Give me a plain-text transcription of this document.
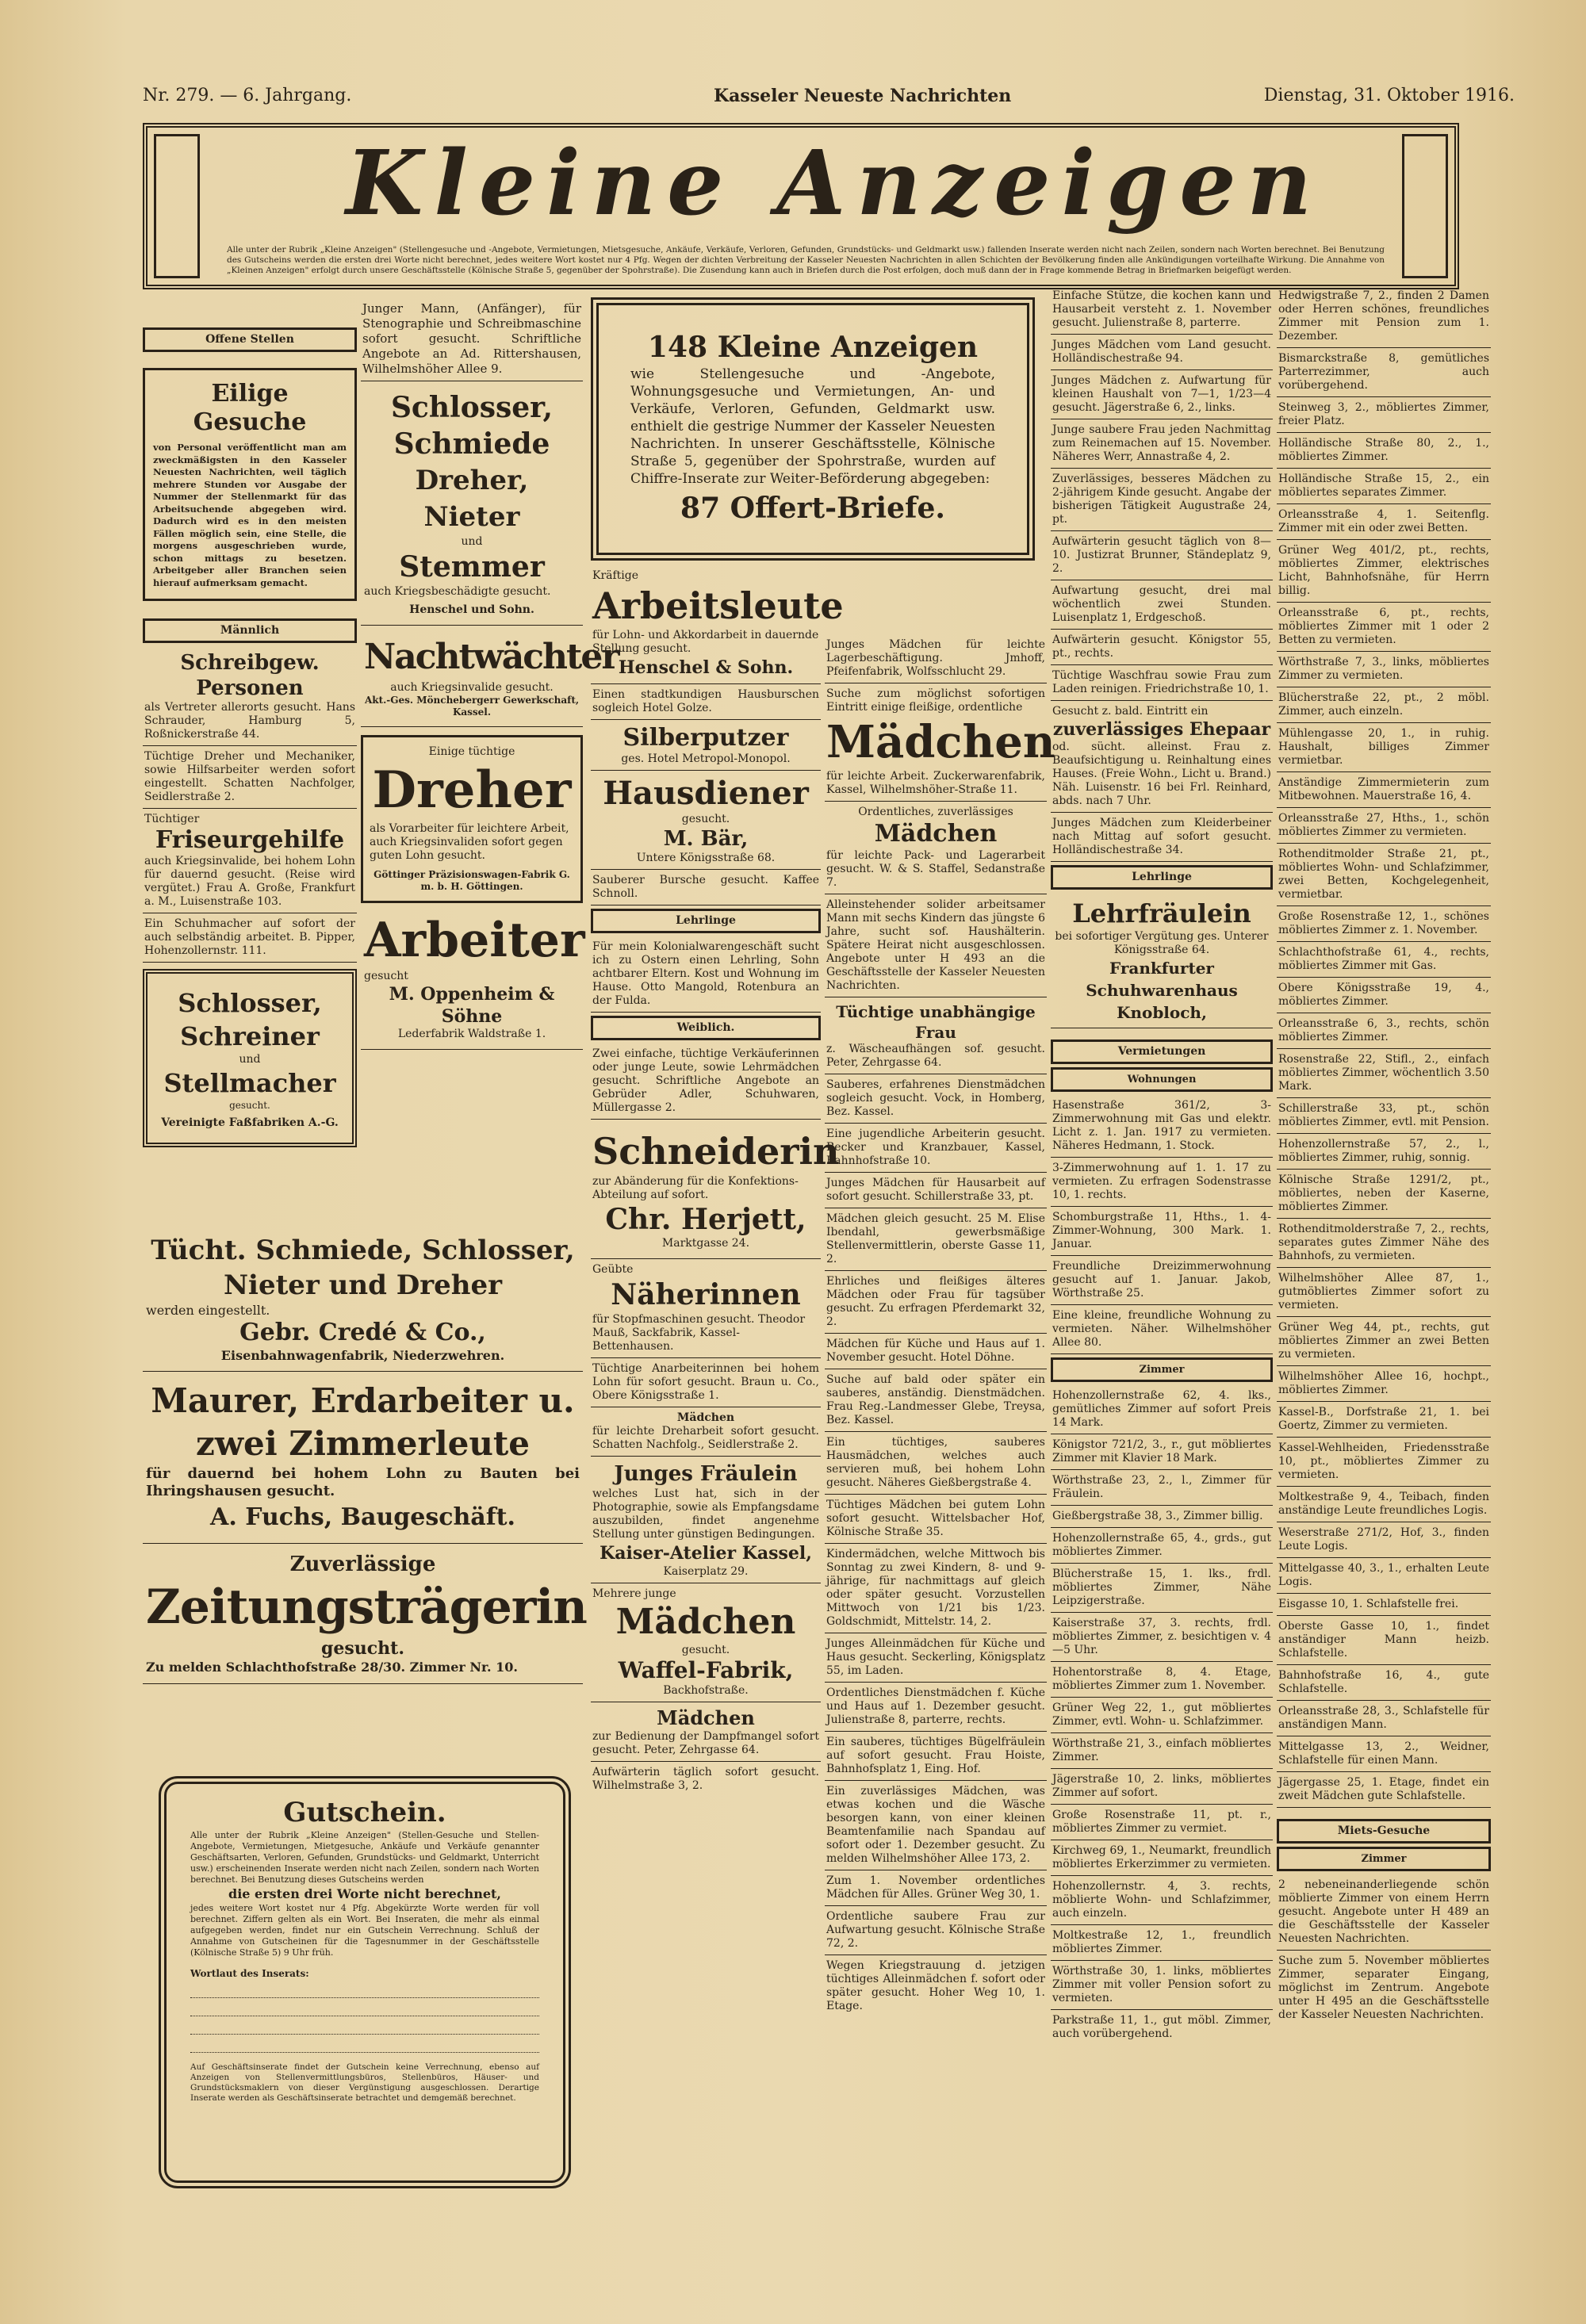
Nr. 279. — 6. Jahrgang.	Kasseler Neueste Nachrichten	Dienstag, 31. Oktober 1916.
Kleine Anzeigen
Alle unter der Rubrik „Kleine Anzeigen" (Stellengesuche und -Angebote, Vermietungen, Mietsgesuche, Ankäufe, Verkäufe, Verloren, Gefunden, Grundstücks- und Geldmarkt usw.) fallenden Inserate werden nicht nach Zeilen, sondern nach Worten berechnet. Bei Benutzung des Gutscheins werden die ersten drei Worte nicht berechnet, jedes weitere Wort kostet nur 4 Pfg. Wegen der dichten Verbreitung der Kasseler Neuesten Nachrichten in allen Schichten der Bevölkerung finden alle Ankündigungen vorteilhafte Wirkung. Die Annahme von „Kleinen Anzeigen" erfolgt durch unsere Geschäftsstelle (Kölnische Straße 5, gegenüber der Spohrstraße). Die Zusendung kann auch in Briefen durch die Post erfolgen, doch muß dann der in Frage kommende Betrag in Briefmarken beigefügt werden.
Offene Stellen
Eilige Gesuche
von Personal veröffentlicht man am zweckmäßigsten in den Kasseler Neuesten Nachrichten, weil täglich mehrere Stunden vor Ausgabe der Nummer der Stellenmarkt für das Arbeitsuchende abgegeben wird. Dadurch wird es in den meisten Fällen möglich sein, eine Stelle, die morgens ausgeschrieben wurde, schon mittags zu besetzen. Arbeitgeber aller Branchen seien hierauf aufmerksam gemacht.
Männlich
Schreibgew. Personen
als Vertreter allerorts gesucht. Hans Schrauder, Hamburg 5, Roßnickerstraße 44.
Tüchtige Dreher und Mechaniker, sowie Hilfsarbeiter werden sofort eingestellt. Schatten Nachfolger, Seidlerstraße 2.
Tüchtiger
Friseurgehilfe
auch Kriegsinvalide, bei hohem Lohn für dauernd gesucht. (Reise wird vergütet.) Frau A. Große, Frankfurt a. M., Luisenstraße 103.
Ein Schuhmacher auf sofort der auch selbständig arbeitet. B. Pipper, Hohenzollernstr. 111.
Schlosser,
Schreiner
und
Stellmacher
gesucht.
Vereinigte Faßfabriken A.-G.
Junger Mann, (Anfänger), für Stenographie und Schreibmaschine sofort gesucht. Schriftliche Angebote an Ad. Rittershausen, Wilhelmshöher Allee 9.
Schlosser,
Schmiede
Dreher, Nieter
und
Stemmer
auch Kriegsbeschädigte gesucht.
Henschel und Sohn.
Nachtwächter
auch Kriegsinvalide gesucht.
Akt.-Ges. Mönchebergerr Gewerkschaft, Kassel.
Einige tüchtige
Dreher
als Vorarbeiter für leichtere Arbeit, auch Kriegsinvaliden sofort gegen guten Lohn gesucht.
Göttinger Präzisionswagen-Fabrik G. m. b. H. Göttingen.
Arbeiter
gesucht
M. Oppenheim & Söhne
Lederfabrik Waldstraße 1.
Tücht. Schmiede, Schlosser, Nieter und Dreher
werden eingestellt.
Gebr. Credé & Co.,
Eisenbahnwagenfabrik, Niederzwehren.
Maurer, Erdarbeiter u. zwei Zimmerleute
für dauernd bei hohem Lohn zu Bauten bei Ihringshausen gesucht.
A. Fuchs, Baugeschäft.
Zuverlässige
Zeitungsträgerin
gesucht.
Zu melden Schlachthofstraße 28/30. Zimmer Nr. 10.
Gutschein.
Alle unter der Rubrik „Kleine Anzeigen" (Stellen-Gesuche und Stellen-Angebote, Vermietungen, Mietgesuche, Ankäufe und Verkäufe genannter Geschäftsarten, Verloren, Gefunden, Grundstücks- und Geldmarkt, Unterricht usw.) erscheinenden Inserate werden nicht nach Zeilen, sondern nach Worten berechnet. Bei Benutzung dieses Gutscheins werden
die ersten drei Worte nicht berechnet,
jedes weitere Wort kostet nur 4 Pfg. Abgekürzte Worte werden für voll berechnet. Ziffern gelten als ein Wort. Bei Inseraten, die mehr als einmal aufgegeben werden, findet nur ein Gutschein Verrechnung. Schluß der Annahme von Gutscheinen für die Tagesnummer in der Geschäftsstelle (Kölnische Straße 5) 9 Uhr früh.
Wortlaut des Inserats:
Auf Geschäftsinserate findet der Gutschein keine Verrechnung, ebenso auf Anzeigen von Stellenvermittlungsbüros, Stellenbüros, Häuser- und Grundstücksmaklern von dieser Vergünstigung ausgeschlossen. Derartige Inserate werden als Geschäftsinserate betrachtet und demgemäß berechnet.
148 Kleine Anzeigen
wie Stellengesuche und -Angebote, Wohnungsgesuche und Vermietungen, An- und Verkäufe, Verloren, Gefunden, Geldmarkt usw. enthielt die gestrige Nummer der Kasseler Neuesten Nachrichten. In unserer Geschäftsstelle, Kölnische Straße 5, gegenüber der Spohrstraße, wurden auf Chiffre-Inserate zur Weiter-Beförderung abgegeben:
87 Offert-Briefe.
Kräftige
Arbeitsleute
für Lohn- und Akkordarbeit in dauernde Stellung gesucht.
Henschel & Sohn.
Einen stadtkundigen Hausburschen sogleich Hotel Golze.
Silberputzer
ges. Hotel Metropol-Monopol.
Hausdiener
gesucht.
M. Bär,
Untere Königsstraße 68.
Sauberer Bursche gesucht. Kaffee Schnoll.
Lehrlinge
Für mein Kolonialwarengeschäft sucht ich zu Ostern einen Lehrling, Sohn achtbarer Eltern. Kost und Wohnung im Hause. Otto Mangold, Rotenbura an der Fulda.
Weiblich.
Zwei einfache, tüchtige Verkäuferinnen oder junge Leute, sowie Lehrmädchen gesucht. Schriftliche Angebote an Gebrüder Adler, Schuhwaren, Müllergasse 2.
Schneiderin
zur Abänderung für die Konfektions-Abteilung auf sofort.
Chr. Herjett,
Marktgasse 24.
Geübte
Näherinnen
für Stopfmaschinen gesucht. Theodor Mauß, Sackfabrik, Kassel-Bettenhausen.
Tüchtige Anarbeiterinnen bei hohem Lohn für sofort gesucht. Braun u. Co., Obere Königsstraße 1.
Mädchen
für leichte Dreharbeit sofort gesucht. Schatten Nachfolg., Seidlerstraße 2.
Junges Fräulein
welches Lust hat, sich in der Photographie, sowie als Empfangsdame auszubilden, findet angenehme Stellung unter günstigen Bedingungen.
Kaiser-Atelier Kassel,
Kaiserplatz 29.
Mehrere junge
Mädchen
gesucht.
Waffel-Fabrik,
Backhofstraße.
Mädchen
zur Bedienung der Dampfmangel sofort gesucht. Peter, Zehrgasse 64.
Aufwärterin täglich sofort gesucht. Wilhelmstraße 3, 2.
Junges Mädchen für leichte Lagerbeschäftigung. Jmhoff, Pfeifenfabrik, Wolfsschlucht 29.
Suche zum möglichst sofortigen Eintritt einige fleißige, ordentliche
Mädchen
für leichte Arbeit. Zuckerwarenfabrik, Kassel, Wilhelmshöher-Straße 11.
Ordentliches, zuverlässiges
Mädchen
für leichte Pack- und Lagerarbeit gesucht. W. & S. Staffel, Sedanstraße 7.
Alleinstehender solider arbeitsamer Mann mit sechs Kindern das jüngste 6 Jahre, sucht sof. Haushälterin. Spätere Heirat nicht ausgeschlossen. Angebote unter H 493 an die Geschäftsstelle der Kasseler Neuesten Nachrichten.
Tüchtige unabhängige Frau
z. Wäscheaufhängen sof. gesucht. Peter, Zehrgasse 64.
Sauberes, erfahrenes Dienstmädchen sogleich gesucht. Vock, in Homberg, Bez. Kassel.
Eine jugendliche Arbeiterin gesucht. Becker und Kranzbauer, Kassel, Bahnhofstraße 10.
Junges Mädchen für Hausarbeit auf sofort gesucht. Schillerstraße 33, pt.
Mädchen gleich gesucht. 25 M. Elise Ibendahl, gewerbsmäßige Stellenvermittlerin, oberste Gasse 11, 2.
Ehrliches und fleißiges älteres Mädchen oder Frau für tagsüber gesucht. Zu erfragen Pferdemarkt 32, 2.
Mädchen für Küche und Haus auf 1. November gesucht. Hotel Döhne.
Suche auf bald oder später ein sauberes, anständig. Dienstmädchen. Frau Reg.-Landmesser Glebe, Treysa, Bez. Kassel.
Ein tüchtiges, sauberes Hausmädchen, welches auch servieren muß, bei hohem Lohn gesucht. Näheres Gießbergstraße 4.
Tüchtiges Mädchen bei gutem Lohn sofort gesucht. Wittelsbacher Hof, Kölnische Straße 35.
Kindermädchen, welche Mittwoch bis Sonntag zu zwei Kindern, 8- und 9-jährige, für nachmittags auf gleich oder später gesucht. Vorzustellen Mittwoch von 1/21 bis 1/23. Goldschmidt, Mittelstr. 14, 2.
Junges Alleinmädchen für Küche und Haus gesucht. Seckerling, Königsplatz 55, im Laden.
Ordentliches Dienstmädchen f. Küche und Haus auf 1. Dezember gesucht. Julienstraße 8, parterre, rechts.
Ein sauberes, tüchtiges Bügelfräulein auf sofort gesucht. Frau Hoiste, Bahnhofsplatz 1, Eing. Hof.
Ein zuverlässiges Mädchen, was etwas kochen und die Wäsche besorgen kann, von einer kleinen Beamtenfamilie nach Spandau auf sofort oder 1. Dezember gesucht. Zu melden Wilhelmshöher Allee 173, 2.
Zum 1. November ordentliches Mädchen für Alles. Grüner Weg 30, 1.
Ordentliche saubere Frau zur Aufwartung gesucht. Kölnische Straße 72, 2.
Wegen Kriegstrauung d. jetzigen tüchtiges Alleinmädchen f. sofort oder später gesucht. Hoher Weg 10, 1. Etage.
Einfache Stütze, die kochen kann und Hausarbeit versteht z. 1. November gesucht. Julienstraße 8, parterre.
Junges Mädchen vom Land gesucht. Holländischestraße 94.
Junges Mädchen z. Aufwartung für kleinen Haushalt von 7—1, 1/23—4 gesucht. Jägerstraße 6, 2., links.
Junge saubere Frau jeden Nachmittag zum Reinemachen auf 15. November. Näheres Werr, Annastraße 4, 2.
Zuverlässiges, besseres Mädchen zu 2-jährigem Kinde gesucht. Angabe der bisherigen Tätigkeit Augustraße 24, pt.
Aufwärterin gesucht täglich von 8—10. Justizrat Brunner, Ständeplatz 9, 2.
Aufwartung gesucht, drei mal wöchentlich zwei Stunden. Luisenplatz 1, Erdgeschoß.
Aufwärterin gesucht. Königstor 55, pt., rechts.
Tüchtige Waschfrau sowie Frau zum Laden reinigen. Friedrichstraße 10, 1.
Gesucht z. bald. Eintritt ein
zuverlässiges Ehepaar
od. sücht. alleinst. Frau z. Beaufsichtigung u. Reinhaltung eines Hauses. (Freie Wohn., Licht u. Brand.) Näh. Luisenstr. 16 bei Frl. Reinhard, abds. nach 7 Uhr.
Junges Mädchen zum Kleiderbeiner nach Mittag auf sofort gesucht. Holländischestraße 34.
Lehrlinge
Lehrfräulein
bei sofortiger Vergütung ges. Unterer Königsstraße 64.
Frankfurter Schuhwarenhaus Knobloch,
Vermietungen
Wohnungen
Hasenstraße 361/2, 3-Zimmerwohnung mit Gas und elektr. Licht z. 1. Jan. 1917 zu vermieten. Näheres Hedmann, 1. Stock.
3-Zimmerwohnung auf 1. 1. 17 zu vermieten. Zu erfragen Sodenstrasse 10, 1. rechts.
Schomburgstraße 11, Hths., 1. 4-Zimmer-Wohnung, 300 Mark. 1. Januar.
Freundliche Dreizimmerwohnung gesucht auf 1. Januar. Jakob, Wörthstraße 25.
Eine kleine, freundliche Wohnung zu vermieten. Näher. Wilhelmshöher Allee 80.
Zimmer
Hohenzollernstraße 62, 4. lks., gemütliches Zimmer auf sofort Preis 14 Mark.
Königstor 721/2, 3., r., gut möbliertes Zimmer mit Klavier 18 Mark.
Wörthstraße 23, 2., l., Zimmer für Fräulein.
Gießbergstraße 38, 3., Zimmer billig.
Hohenzollernstraße 65, 4., grds., gut möbliertes Zimmer.
Blücherstraße 15, 1. lks., frdl. möbliertes Zimmer, Nähe Leipzigerstraße.
Kaiserstraße 37, 3. rechts, frdl. möbliertes Zimmer, z. besichtigen v. 4—5 Uhr.
Hohentorstraße 8, 4. Etage, möbliertes Zimmer zum 1. November.
Grüner Weg 22, 1., gut möbliertes Zimmer, evtl. Wohn- u. Schlafzimmer.
Wörthstraße 21, 3., einfach möbliertes Zimmer.
Jägerstraße 10, 2. links, möbliertes Zimmer auf sofort.
Große Rosenstraße 11, pt. r., möbliertes Zimmer zu vermiet.
Kirchweg 69, 1., Neumarkt, freundlich möbliertes Erkerzimmer zu vermieten.
Hohenzollernstr. 4, 3. rechts, möblierte Wohn- und Schlafzimmer, auch einzeln.
Moltkestraße 12, 1., freundlich möbliertes Zimmer.
Wörthstraße 30, 1. links, möbliertes Zimmer mit voller Pension sofort zu vermieten.
Parkstraße 11, 1., gut möbl. Zimmer, auch vorübergehend.
Hedwigstraße 7, 2., finden 2 Damen oder Herren schönes, freundliches Zimmer mit Pension zum 1. Dezember.
Bismarckstraße 8, gemütliches Parterrezimmer, auch vorübergehend.
Steinweg 3, 2., möbliertes Zimmer, freier Platz.
Holländische Straße 80, 2., 1., möbliertes Zimmer.
Holländische Straße 15, 2., ein möbliertes separates Zimmer.
Orleansstraße 4, 1. Seitenflg. Zimmer mit ein oder zwei Betten.
Grüner Weg 401/2, pt., rechts, möbliertes Zimmer, elektrisches Licht, Bahnhofsnähe, für Herrn billig.
Orleansstraße 6, pt., rechts, möbliertes Zimmer mit 1 oder 2 Betten zu vermieten.
Wörthstraße 7, 3., links, möbliertes Zimmer zu vermieten.
Blücherstraße 22, pt., 2 möbl. Zimmer, auch einzeln.
Mühlengasse 20, 1., in ruhig. Haushalt, billiges Zimmer vermietbar.
Anständige Zimmermieterin zum Mitbewohnen. Mauerstraße 16, 4.
Orleansstraße 27, Hths., 1., schön möbliertes Zimmer zu vermieten.
Rothenditmolder Straße 21, pt., möbliertes Wohn- und Schlafzimmer, zwei Betten, Kochgelegenheit, vermietbar.
Große Rosenstraße 12, 1., schönes möbliertes Zimmer z. 1. November.
Schlachthofstraße 61, 4., rechts, möbliertes Zimmer mit Gas.
Obere Königsstraße 19, 4., möbliertes Zimmer.
Orleansstraße 6, 3., rechts, schön möbliertes Zimmer.
Rosenstraße 22, Stifl., 2., einfach möbliertes Zimmer, wöchentlich 3.50 Mark.
Schillerstraße 33, pt., schön möbliertes Zimmer, evtl. mit Pension.
Hohenzollernstraße 57, 2., l., möbliertes Zimmer, ruhig, sonnig.
Kölnische Straße 1291/2, pt., möbliertes, neben der Kaserne, möbliertes Zimmer.
Rothenditmolderstraße 7, 2., rechts, separates gutes Zimmer Nähe des Bahnhofs, zu vermieten.
Wilhelmshöher Allee 87, 1., gutmöbliertes Zimmer sofort zu vermieten.
Grüner Weg 44, pt., rechts, gut möbliertes Zimmer an zwei Betten zu vermieten.
Wilhelmshöher Allee 16, hochpt., möbliertes Zimmer.
Kassel-B., Dorfstraße 21, 1. bei Goertz, Zimmer zu vermieten.
Kassel-Wehlheiden, Friedensstraße 10, pt., möbliertes Zimmer zu vermieten.
Moltkestraße 9, 4., Teibach, finden anständige Leute freundliches Logis.
Weserstraße 271/2, Hof, 3., finden Leute Logis.
Mittelgasse 40, 3., 1., erhalten Leute Logis.
Eisgasse 10, 1. Schlafstelle frei.
Oberste Gasse 10, 1., findet anständiger Mann heizb. Schlafstelle.
Bahnhofstraße 16, 4., gute Schlafstelle.
Orleansstraße 28, 3., Schlafstelle für anständigen Mann.
Mittelgasse 13, 2., Weidner, Schlafstelle für einen Mann.
Jägergasse 25, 1. Etage, findet ein zweit Mädchen gute Schlafstelle.
Miets-Gesuche
Zimmer
2 nebeneinanderliegende schön möblierte Zimmer von einem Herrn gesucht. Angebote unter H 489 an die Geschäftsstelle der Kasseler Neuesten Nachrichten.
Suche zum 5. November möbliertes Zimmer, separater Eingang, möglichst im Zentrum. Angebote unter H 495 an die Geschäftsstelle der Kasseler Neuesten Nachrichten.
